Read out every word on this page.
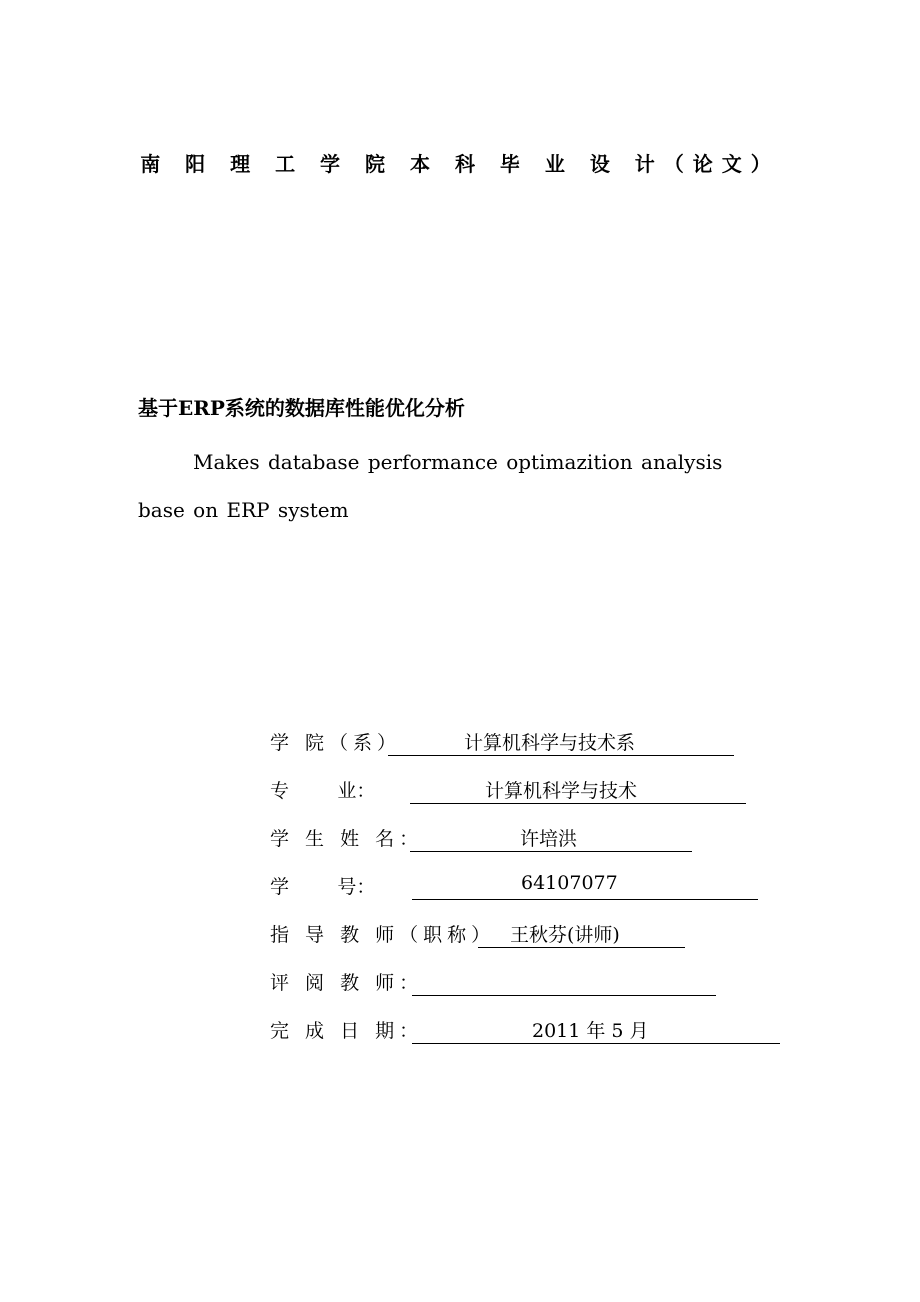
南 阳 理 工 学 院 本 科 毕 业 设 计（论文）
基于ERP系统的数据库性能优化分析
Makes database performance optimazition analysis base on ERP system
学 院（系）	计算机科学与技术系
专        业：	计算机科学与技术
学 生 姓 名：	许培洪
学        号：	64107077
指 导 教 师（职称） 王秋芬(讲师)
评 阅 教 师：
完 成 日 期：	2011 年 5 月
